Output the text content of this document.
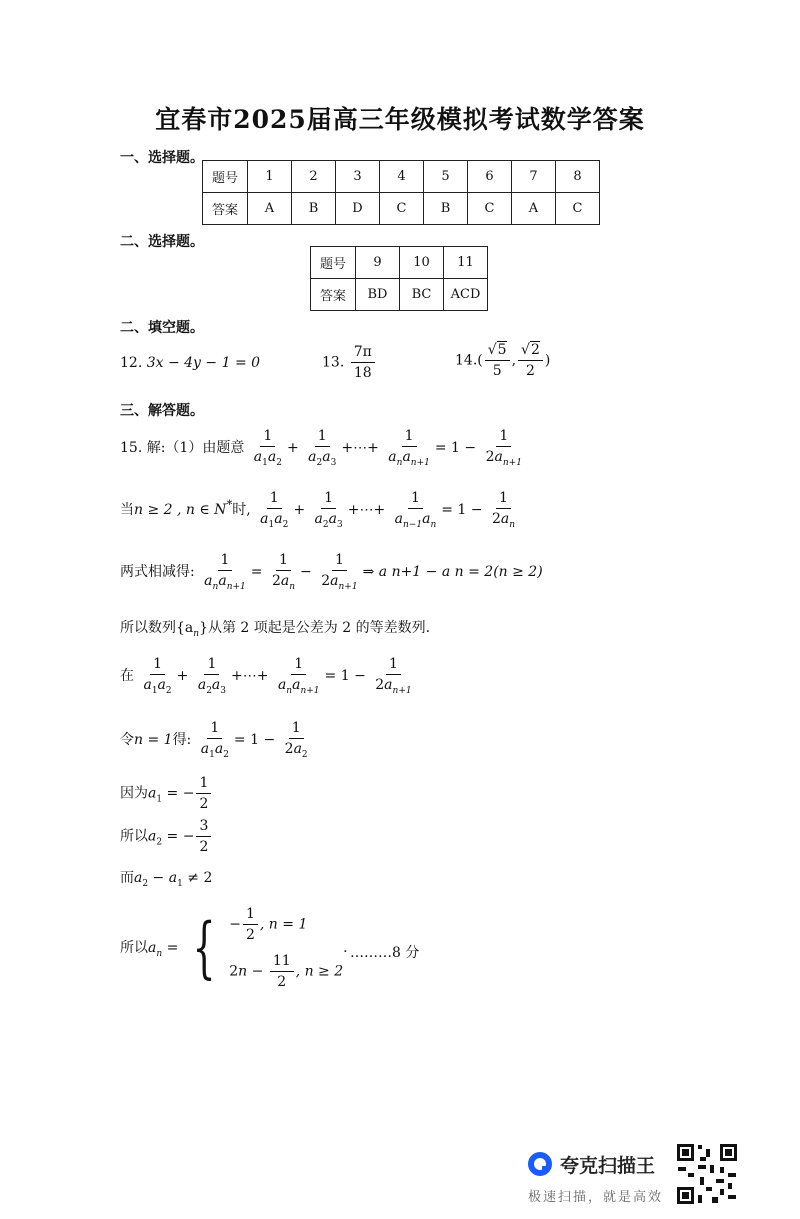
宜春市2025届高三年级模拟考试数学答案
一、选择题。
题号	1	2	3	4	5	6	7	8
答案	A	B	D	C	B	C	A	C
二、选择题。
题号	9	10	11
答案	BD	BC	ACD
二、填空题。
12. 3x − 4y − 1 = 0	13. $\frac{7\pi}{18}$	$14.( \frac{√5}{5}$ , $\frac{√2}{2}$ )
三、解答题。
15. 解:（1）由题意 $\frac{1}{a_1a_2} + \frac{1}{a_2a_3}$ +⋯+ $\frac{1}{a_na_{n+1}} = 1 - \frac{1}{2a_{n+1}}$
当n ≥ 2 , n ∈ N*时, $\frac{1}{a_1a_2} + \frac{1}{a_2a_3}$ +⋯+ $\frac{1}{a_{n-1}a_n} = 1 - \frac{1}{2a_n}$
两式相减得: $\frac{1}{a_na_{n+1}} = \frac{1}{2a_n} - \frac{1}{2a_{n+1}}$ ⇒ a n+1 − a n = 2(n ≥ 2)
所以数列$\{a_n\}$从第 2 项起是公差为 2 的等差数列.
在 $\frac{1}{a_1a_2} + \frac{1}{a_2a_3}$ +⋯+ $\frac{1}{a_na_{n+1}} = 1 - \frac{1}{2a_{n+1}}$
令n = 1得: $\frac{1}{a_1a_2} = 1 - \frac{1}{2a_2}$
因为$a_1$ = − $\frac{1}{2}$
所以$a_2$ = − $\frac{3}{2}$
而$a_2 - a_1 \ne 2$
所以$a_n$ = { − $\frac{1}{2}$ , n = 1
$2n - \frac{11}{2}$ , n ≥ 2
. ………8 分
夸克扫描王
极速扫描，就是高效
